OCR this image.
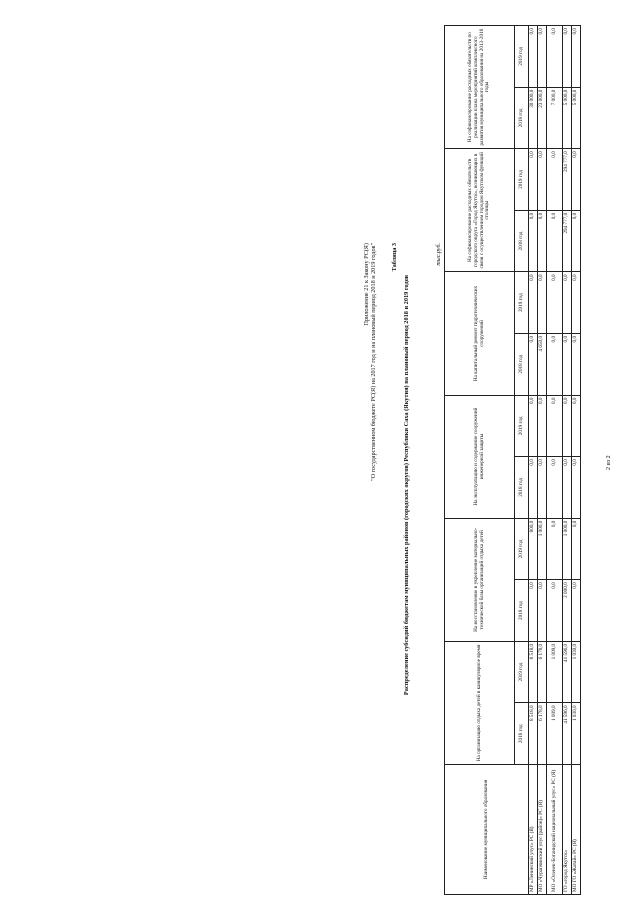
Приложение 21 к Закону РС(Я) "О государственном бюджете РС(Я) на 2017 год и на плановый период 2018 и 2019 годов" Таблица 3
Распределение субсидий бюджетам муниципальных районов (городских округов) Республики Саха (Якутия) на плановый период 2018 и 2019 годов
тыс.руб.
2 из 2
Наименование муниципального образования	На организацию отдыха детей в каникулярное время		На восстановление и укрепление материально-технической базы организаций отдыха детей		На эксплуатацию и содержание сооружений инженерной защиты		На капитальный ремонт гидротехнических сооружений		На софинансирование расходных обязательств городского округа «Город Якутск», возникающих в связи с осуществлением городом Якутском функций столицы		На софинансирование расходных обязательств по реализации плана мероприятий комплексного развития муниципального образования на 2013-2018 годы	
	2018 год	2019 год	2018 год	2019 год	2018 год	2019 год	2018 год	2019 год	2018 год	2019 год	2018 год	2019 год
МР «Ленинский улус» РС (Я)	8 518,0	8 518,0	0,0	800,0	0,0	0,0	0,0	0,0	0,0	0,0	30 000,0	0,0
МО «Чурапчинский улус (район)» РС (Я)	6 178,0	6 178,0	0,0	1 000,0	0,0	0,0	4 650,0	0,0	0,0	0,0	23 000,0	0,0
МО «Оленек-Боганидский национальный улус» РС (Я)	1 009,0	1 009,0	0,0	0,0	0,0	0,0	0,0	0,0	0,0	0,0	7 000,0	0,0
ГО «город Якутск»	41 596,0	41 596,0	2 000,0	1 000,0	0,0	0,0	0,0	0,0	294 777,0	294 777,0	5 000,0	0,0
МО ГО «Жатай» РС (Я)	1 030,0	1 030,0	0,0	0,0	0,0	0,0	0,0	0,0	0,0	0,0	5 000,0	0,0
